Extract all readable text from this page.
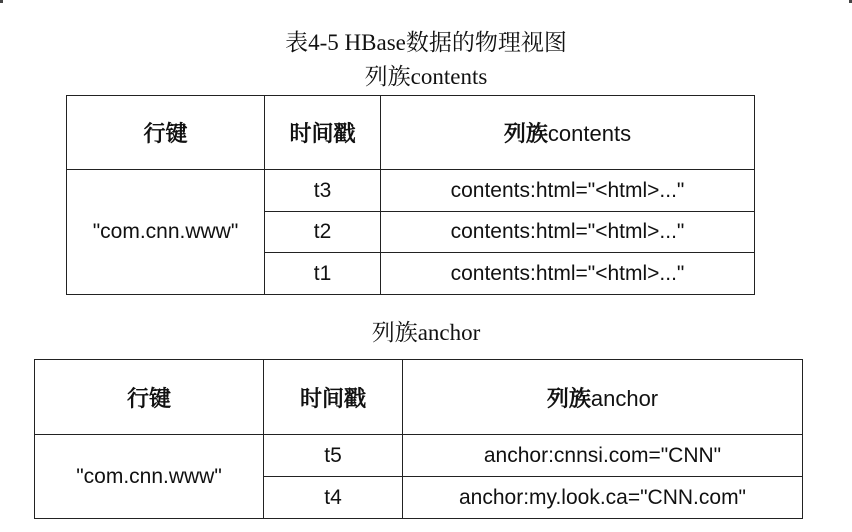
表4-5 HBase数据的物理视图
列族contents
行键	时间戳	列族contents
"com.cnn.www"	t3	contents:html="<html>..."
	t2	contents:html="<html>..."
	t1	contents:html="<html>..."
列族anchor
行键	时间戳	列族anchor
"com.cnn.www"	t5	anchor:cnnsi.com="CNN"
	t4	anchor:my.look.ca="CNN.com"
